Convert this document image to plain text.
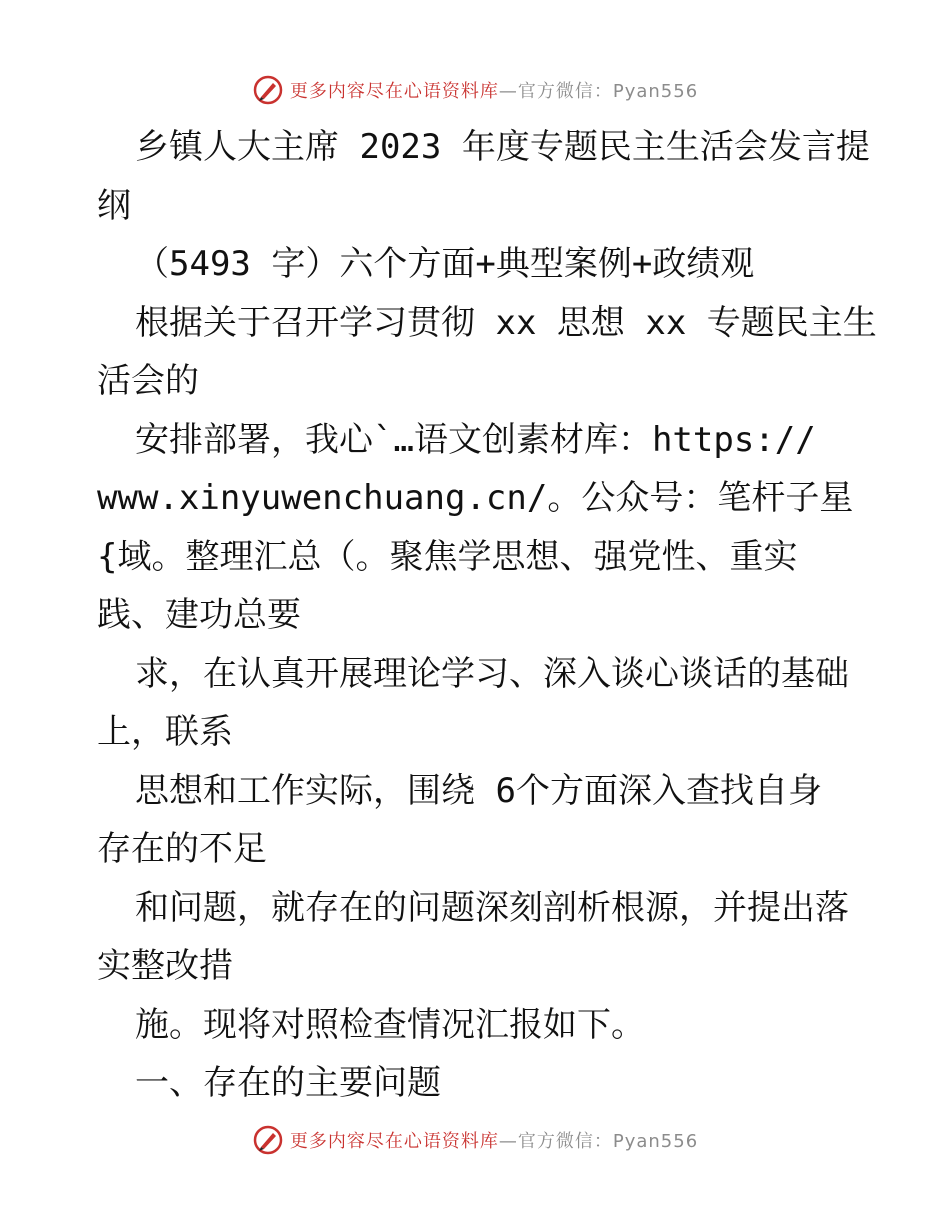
更多内容尽在心语资料库 —官方微信：Pyan556
乡镇人大主席 2023 年度专题民主生活会发言提
纲
（5493 字）六个方面+典型案例+政绩观
根据关于召开学习贯彻 xx 思想 xx 专题民主生
活会的
安排部署，我心`…语文创素材库：https://
www.xinyuwenchuang.cn/。公众号：笔杆子星
{域。整理汇总（。聚焦学思想、强党性、重实
践、建功总要
求，在认真开展理论学习、深入谈心谈话的基础
上，联系
思想和工作实际，围绕 6个方面深入查找自身
存在的不足
和问题，就存在的问题深刻剖析根源，并提出落
实整改措
施。现将对照检查情况汇报如下。
一、存在的主要问题
更多内容尽在心语资料库 —官方微信：Pyan556
